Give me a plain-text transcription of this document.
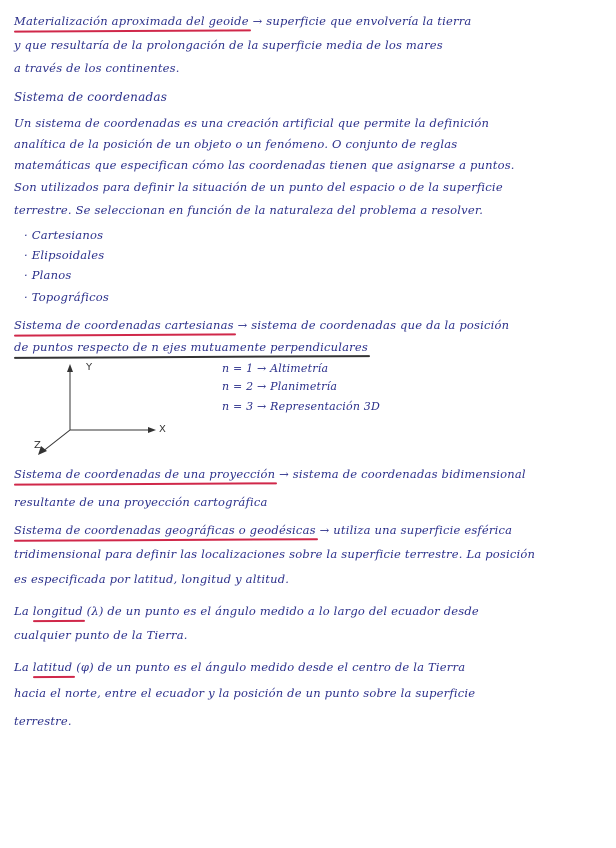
Materialización aproximada del geoide → superficie que envolvería la tierra
y que resultaría de la prolongación de la superficie media de los mares
a través de los continentes.
Sistema de coordenadas
Un sistema de coordenadas es una creación artificial que permite la definición
analítica de la posición de un objeto o un fenómeno. O conjunto de reglas
matemáticas que especifican cómo las coordenadas tienen que asignarse a puntos.
Son utilizados para definir la situación de un punto del espacio o de la superficie
terrestre. Se seleccionan en función de la naturaleza del problema a resolver.
· Cartesianos
· Elipsoidales
· Planos
· Topográficos
Sistema de coordenadas cartesianas → sistema de coordenadas que da la posición
de puntos respecto de n ejes mutuamente perpendiculares
Y
X
Z
n = 1 → Altimetría
n = 2 → Planimetría
n = 3 → Representación 3D
Sistema de coordenadas de una proyección → sistema de coordenadas bidimensional
resultante de una proyección cartográfica
Sistema de coordenadas geográficas o geodésicas → utiliza una superficie esférica
tridimensional para definir las localizaciones sobre la superficie terrestre. La posición
es especificada por latitud, longitud y altitud.
La longitud (λ) de un punto es el ángulo medido a lo largo del ecuador desde
cualquier punto de la Tierra.
La latitud (φ) de un punto es el ángulo medido desde el centro de la Tierra
hacia el norte, entre el ecuador y la posición de un punto sobre la superficie
terrestre.
